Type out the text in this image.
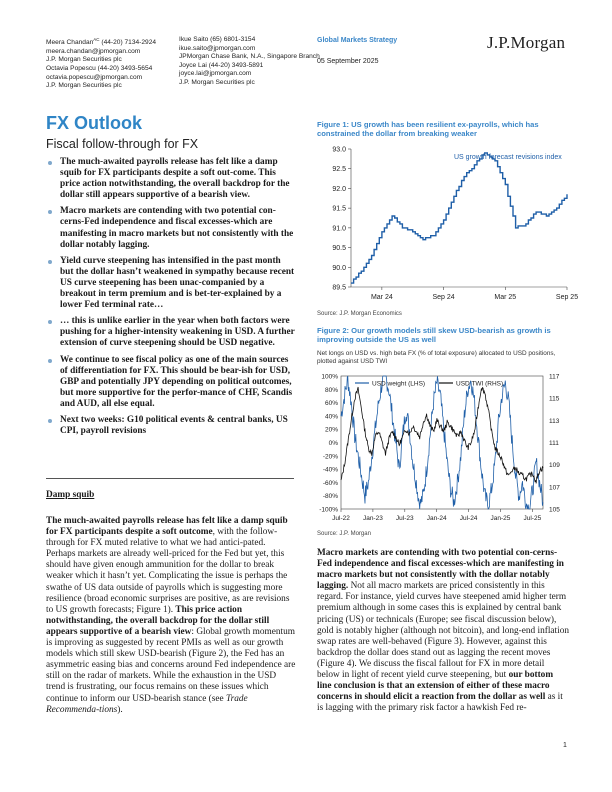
Meera Chandan$^{AC}$ (44-20) 7134-2924
meera.chandan@jpmorgan.com
J.P. Morgan Securities plc
Octavia Popescu (44-20) 3493-5654
octavia.popescu@jpmorgan.com
J.P. Morgan Securities plc
Ikue Saito (65) 6801-3154
ikue.saito@jpmorgan.com
JPMorgan Chase Bank, N.A., Singapore Branch
Joyce Lai (44-20) 3493-5891
joyce.lai@jpmorgan.com
J.P. Morgan Securities plc
Global Markets Strategy
05 September 2025
J.P.Morgan
FX Outlook
Fiscal follow-through for FX
The much-awaited payrolls release has felt like a damp squib for FX participants despite a soft out-come. This price action notwithstanding, the overall backdrop for the dollar still appears supportive of a bearish view.
Macro markets are contending with two potential con-cerns-Fed independence and fiscal excesses-which are manifesting in macro markets but not consistently with the dollar notably lagging.
Yield curve steepening has intensified in the past month but the dollar hasn’t weakened in sympathy because recent US curve steepening has been unac-companied by a breakout in term premium and is bet-ter-explained by a lower Fed terminal rate…
… this is unlike earlier in the year when both factors were pushing for a higher-intensity weakening in USD. A further extension of curve steepening should be USD negative.
We continue to see fiscal policy as one of the main sources of differentiation for FX. This should be bear-ish for USD, GBP and potentially JPY depending on political outcomes, but more supportive for the perfor-mance of CHF, Scandis and AUD, all else equal.
Next two weeks: G10 political events & central banks, US CPI, payroll revisions
Damp squib
The much-awaited payrolls release has felt like a damp squib for FX participants despite a soft outcome, with the follow-through for FX muted relative to what we had antici-pated. Perhaps markets are already well-priced for the Fed but yet, this should have given enough ammunition for the dollar to break weaker which it hasn’t yet. Complicating the issue is perhaps the swathe of US data outside of payrolls which is suggesting more resilience (broad economic surprises are positive, as are revisions to US growth forecasts; Figure 1). This price action notwithstanding, the overall backdrop for the dollar still appears supportive of a bearish view: Global growth momentum is improving as suggested by recent PMIs as well as our growth models which still skew USD-bearish (Figure 2), the Fed has an asymmetric easing bias and concerns around Fed independence are still on the radar of markets. While the exhaustion in the USD trend is frustrating, our focus remains on these issues which continue to inform our USD-bearish stance (see Trade Recommenda-tions).
Figure 1: US growth has been resilient ex-payrolls, which has constrained the dollar from breaking weaker
93.0
92.5
92.0
91.5
91.0
90.5
90.0
89.5
Mar 24	Sep 24	Mar 25	Sep 25
US growth forecast revisions index
Source: J.P. Morgan Economics
Figure 2: Our growth models still skew USD-bearish as growth is improving outside the US as well
Net longs on USD vs. high beta FX (% of total exposure) allocated to USD positions, plotted against USD TWI
100%
80%
60%
40%
20%
0%
-20%
-40%
-60%
-80%
-100%
117
115
113
111
109
107
105
Jul-22 Jan-23 Jul-23 Jan-24 Jul-24 Jan-25 Jul-25
USD weight (LHS)	USD TWI (RHS)
Source: J.P. Morgan
Macro markets are contending with two potential con-cerns-Fed independence and fiscal excesses-which are manifesting in macro markets but not consistently with the dollar notably lagging. Not all macro markets are priced consistently in this regard. For instance, yield curves have steepened amid higher term premium although in some cases this is explained by central bank pricing (US) or technicals (Europe; see fiscal discussion below), gold is notably higher (although not bitcoin), and long-end inflation swap rates are well-behaved (Figure 3). However, against this backdrop the dollar does stand out as lagging the recent moves (Figure 4). We discuss the fiscal fallout for FX in more detail below in light of recent yield curve steepening, but our bottom line conclusion is that an extension of either of these macro concerns in should elicit a reaction from the dollar as well as it is lagging with the primary risk factor a hawkish Fed re-
1
